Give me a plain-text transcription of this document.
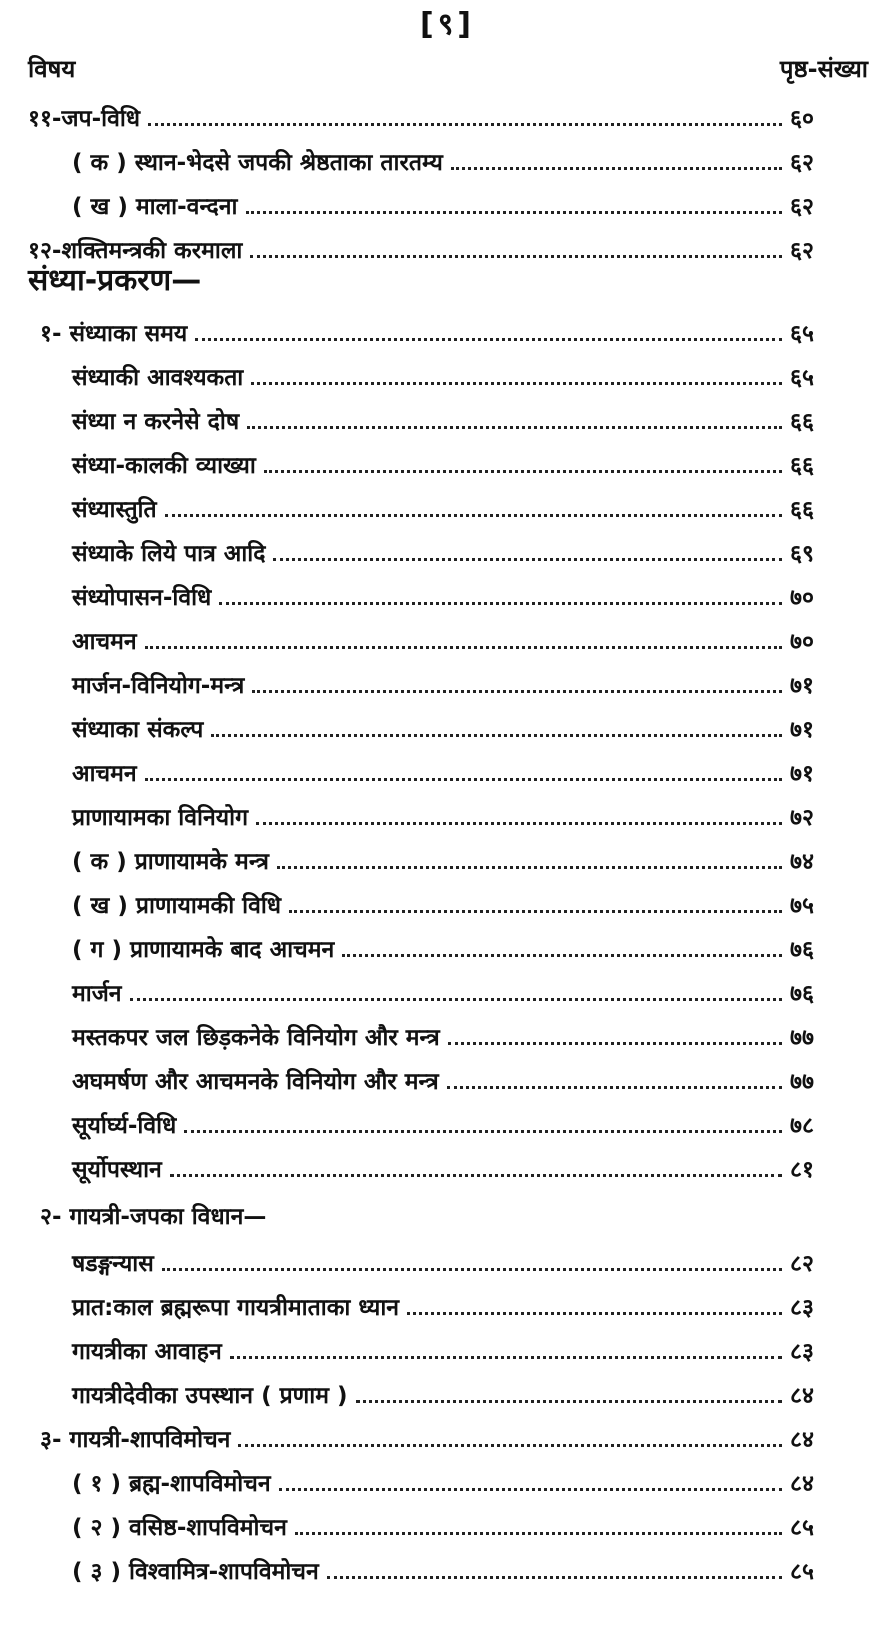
[९]
विषय	पृष्ठ-संख्या
संध्या-प्रकरण—
११-जप-विधि	६०
( क ) स्थान-भेदसे जपकी श्रेष्ठताका तारतम्य	६२
( ख ) माला-वन्दना	६२
१२-शक्तिमन्त्रकी करमाला	६२
१- संध्याका समय	६५
संध्याकी आवश्यकता	६५
संध्या न करनेसे दोष	६६
संध्या-कालकी व्याख्या	६६
संध्यास्तुति	६६
संध्याके लिये पात्र आदि	६९
संध्योपासन-विधि	७०
आचमन	७०
मार्जन-विनियोग-मन्त्र	७१
संध्याका संकल्प	७१
आचमन	७१
प्राणायामका विनियोग	७२
( क ) प्राणायामके मन्त्र	७४
( ख ) प्राणायामकी विधि	७५
( ग ) प्राणायामके बाद आचमन	७६
मार्जन	७६
मस्तकपर जल छिड़कनेके विनियोग और मन्त्र	७७
अघमर्षण और आचमनके विनियोग और मन्त्र	७७
सूर्यार्घ्य-विधि	७८
सूर्योपस्थान	८१
२- गायत्री-जपका विधान—
षडङ्गन्यास	८२
प्रात:काल ब्रह्मरूपा गायत्रीमाताका ध्यान	८३
गायत्रीका आवाहन	८३
गायत्रीदेवीका उपस्थान ( प्रणाम )	८४
३- गायत्री-शापविमोचन	८४
( १ ) ब्रह्म-शापविमोचन	८४
( २ ) वसिष्ठ-शापविमोचन	८५
( ३ ) विश्वामित्र-शापविमोचन	८५
